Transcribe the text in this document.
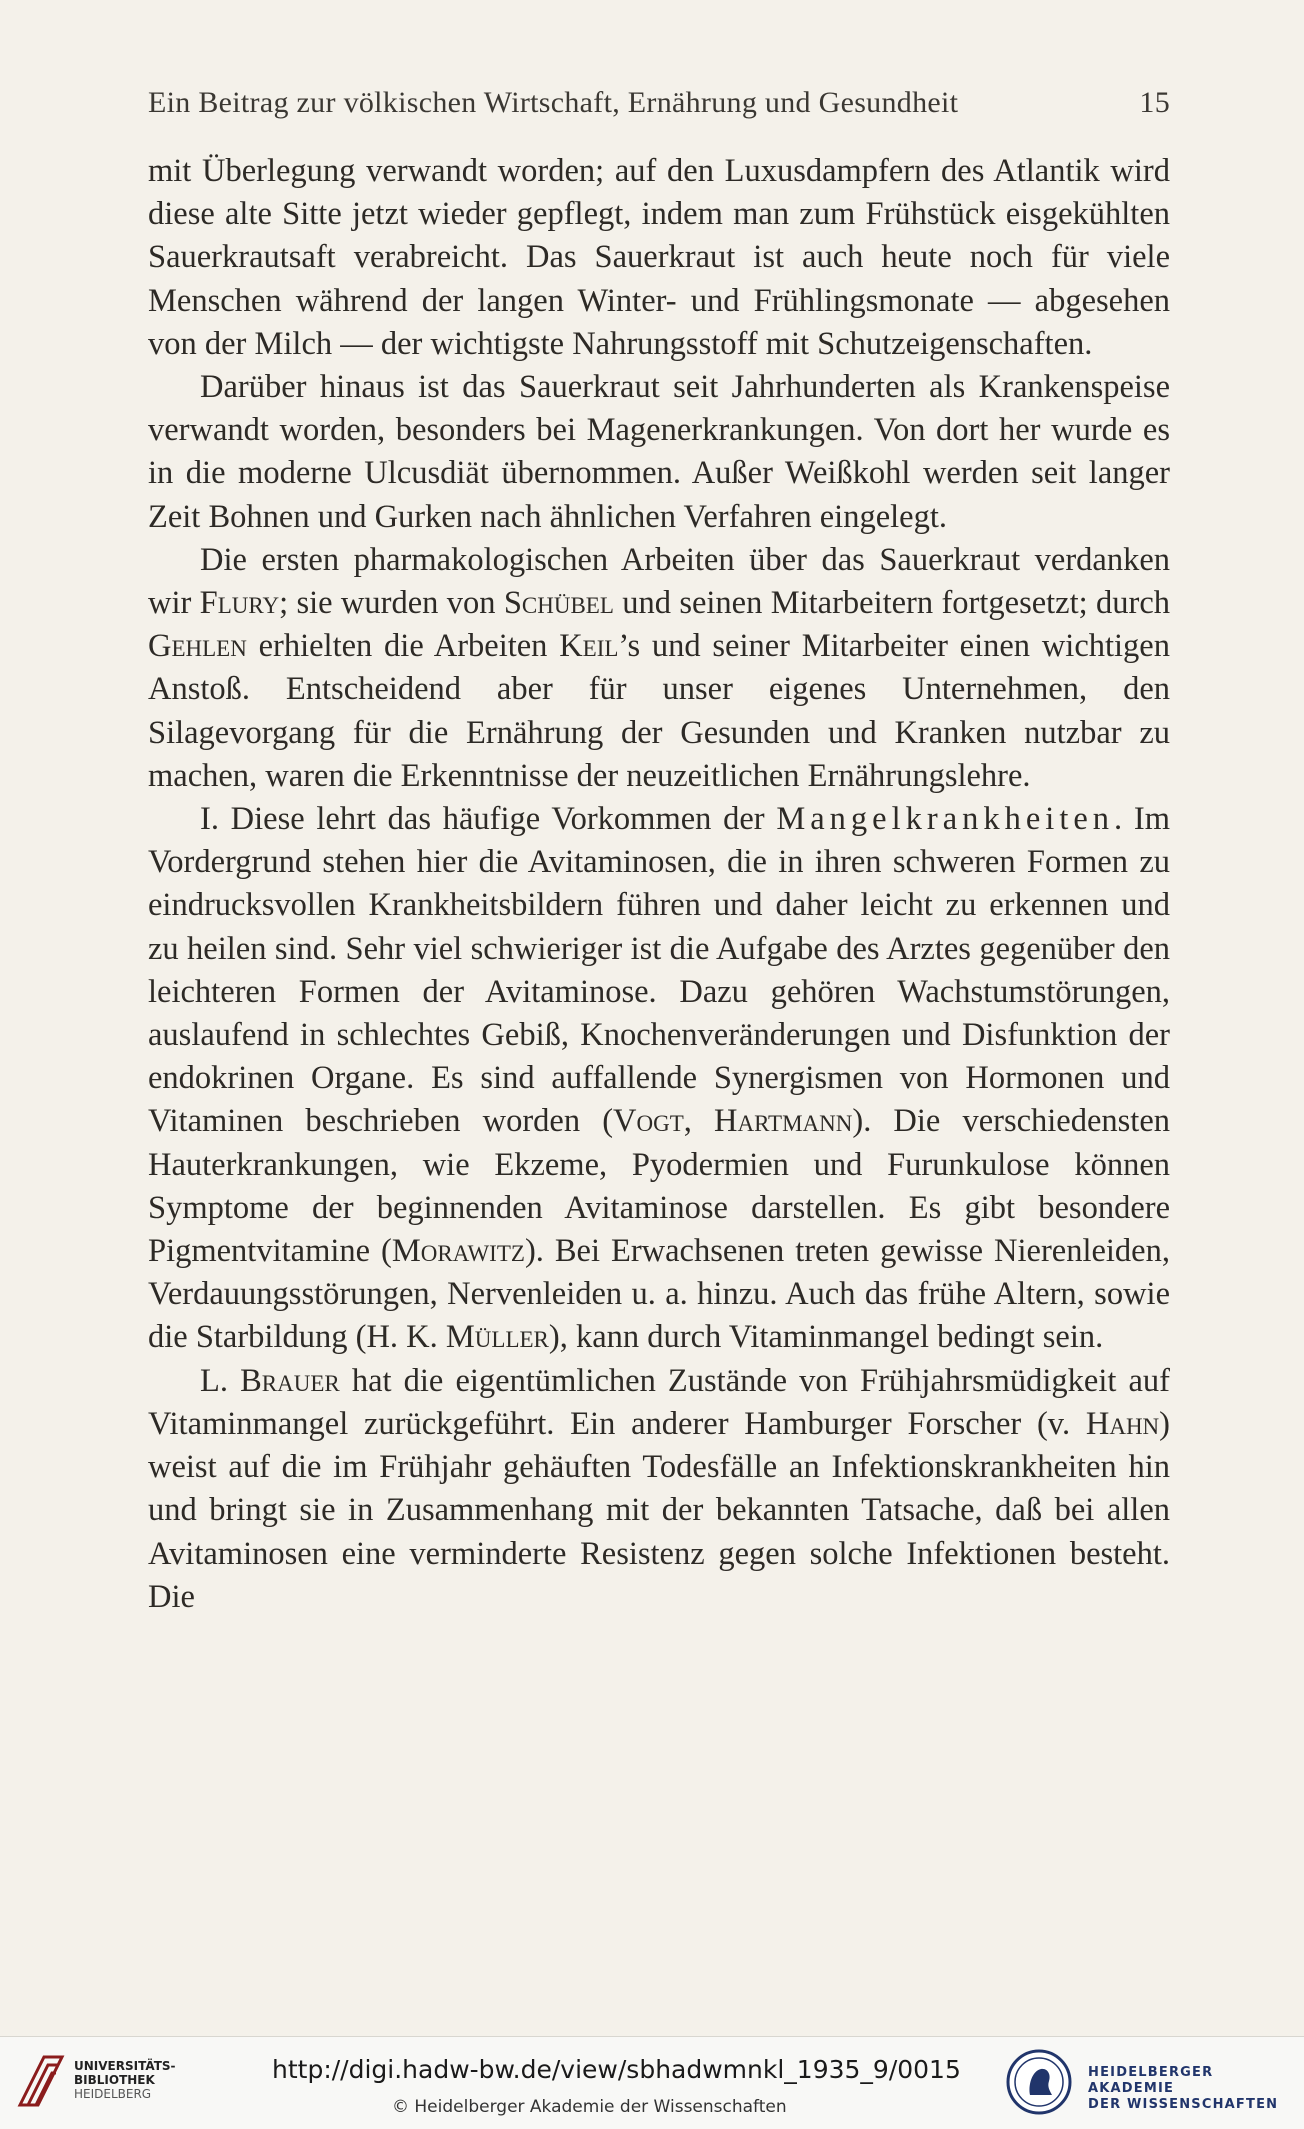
Ein Beitrag zur völkischen Wirtschaft, Ernährung und Gesundheit	15

mit Überlegung verwandt worden; auf den Luxusdampfern des Atlantik wird diese alte Sitte jetzt wieder gepflegt, indem man zum Frühstück eisgekühlten Sauerkrautsaft verabreicht. Das Sauerkraut ist auch heute noch für viele Menschen während der langen Winter- und Frühlingsmonate — abgesehen von der Milch — der wichtigste Nahrungsstoff mit Schutzeigenschaften.

Darüber hinaus ist das Sauerkraut seit Jahrhunderten als Krankenspeise verwandt worden, besonders bei Magenerkrankungen. Von dort her wurde es in die moderne Ulcusdiät übernommen. Außer Weißkohl werden seit langer Zeit Bohnen und Gurken nach ähnlichen Verfahren eingelegt.

Die ersten pharmakologischen Arbeiten über das Sauerkraut verdanken wir Flury; sie wurden von Schübel und seinen Mitarbeitern fortgesetzt; durch Gehlen erhielten die Arbeiten Keil’s und seiner Mitarbeiter einen wichtigen Anstoß. Entscheidend aber für unser eigenes Unternehmen, den Silagevorgang für die Ernährung der Gesunden und Kranken nutzbar zu machen, waren die Erkenntnisse der neuzeitlichen Ernährungslehre.

I. Diese lehrt das häufige Vorkommen der Mangelkrankheiten. Im Vordergrund stehen hier die Avitaminosen, die in ihren schweren Formen zu eindrucksvollen Krankheitsbildern führen und daher leicht zu erkennen und zu heilen sind. Sehr viel schwieriger ist die Aufgabe des Arztes gegenüber den leichteren Formen der Avitaminose. Dazu gehören Wachstumstörungen, auslaufend in schlechtes Gebiß, Knochenveränderungen und Disfunktion der endokrinen Organe. Es sind auffallende Synergismen von Hormonen und Vitaminen beschrieben worden (Vogt, Hartmann). Die verschiedensten Hauterkrankungen, wie Ekzeme, Pyodermien und Furunkulose können Symptome der beginnenden Avitaminose darstellen. Es gibt besondere Pigmentvitamine (Morawitz). Bei Erwachsenen treten gewisse Nierenleiden, Verdauungsstörungen, Nervenleiden u. a. hinzu. Auch das frühe Altern, sowie die Starbildung (H. K. Müller), kann durch Vitaminmangel bedingt sein.

L. Brauer hat die eigentümlichen Zustände von Frühjahrsmüdigkeit auf Vitaminmangel zurückgeführt. Ein anderer Hamburger Forscher (v. Hahn) weist auf die im Frühjahr gehäuften Todesfälle an Infektionskrankheiten hin und bringt sie in Zusammenhang mit der bekannten Tatsache, daß bei allen Avitaminosen eine verminderte Resistenz gegen solche Infektionen besteht. Die

UNIVERSITÄTS-
BIBLIOTHEK
HEIDELBERG
http://digi.hadw-bw.de/view/sbhadwmnkl_1935_9/0015
© Heidelberger Akademie der Wissenschaften
HEIDELBERGER AKADEMIE
DER WISSENSCHAFTEN
